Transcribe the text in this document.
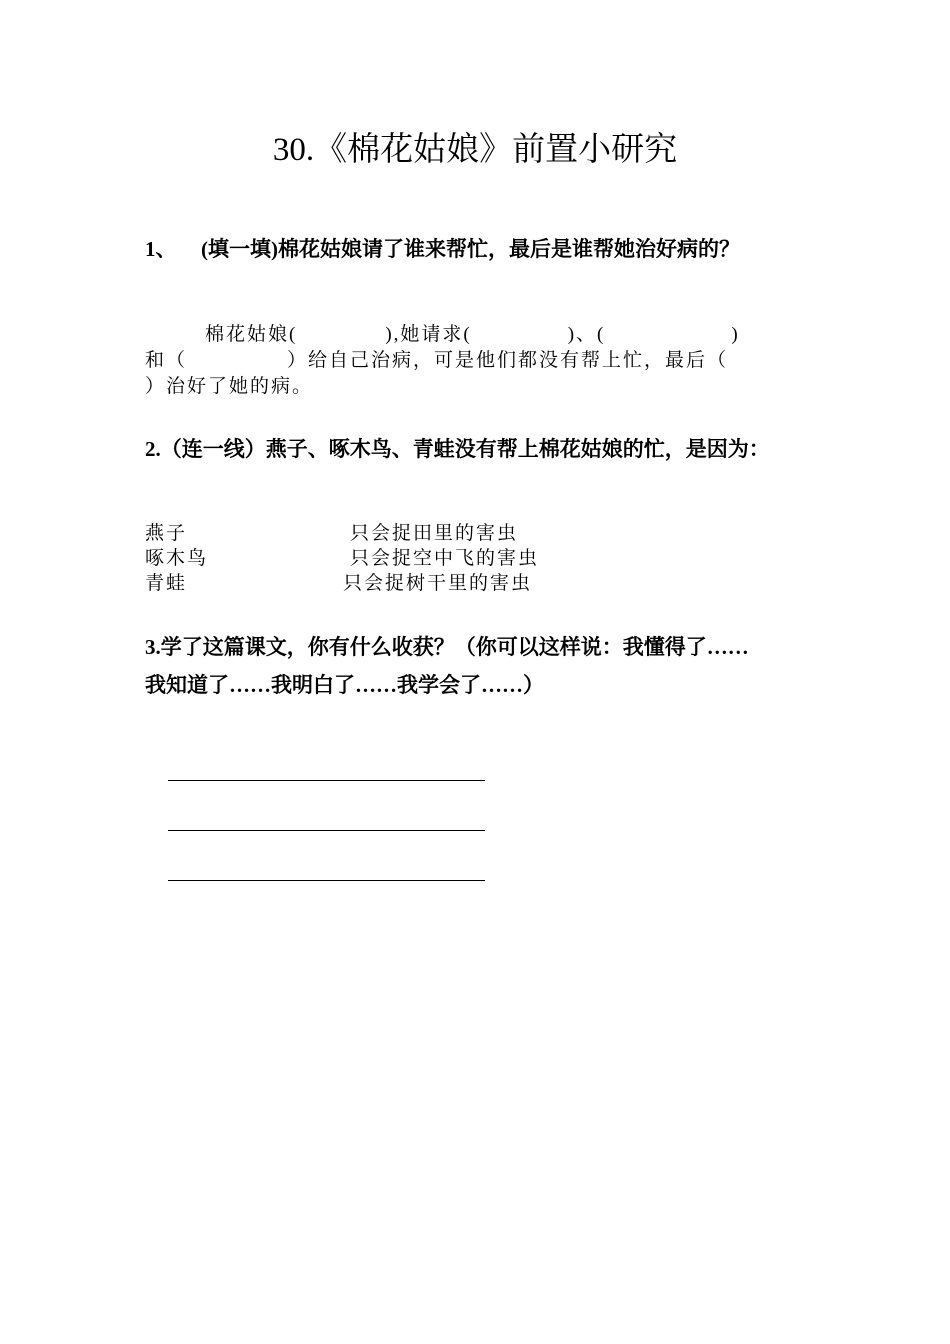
30.《棉花姑娘》前置小研究
1、 (填一填)棉花姑娘请了谁来帮忙，最后是谁帮她治好病的？
棉花姑娘(	),她请求(	)、(	)
和（	）给自己治病，可是他们都没有帮上忙，最后（
）治好了她的病。
2.（连一线）燕子、啄木鸟、青蛙没有帮上棉花姑娘的忙，是因为：
燕子	只会捉田里的害虫
啄木鸟	只会捉空中飞的害虫
青蛙	只会捉树干里的害虫
3.学了这篇课文，你有什么收获？（你可以这样说：我懂得了……
我知道了……我明白了……我学会了……）
